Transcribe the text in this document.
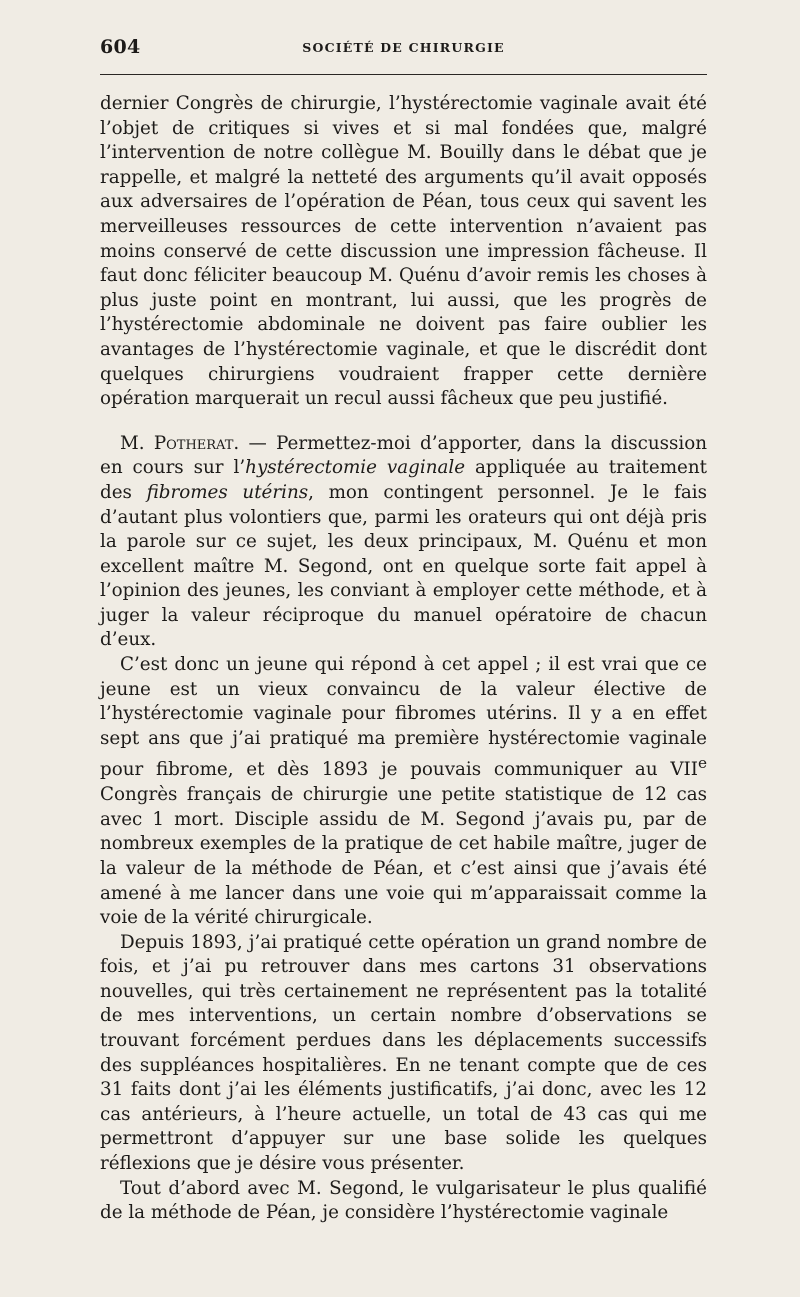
604	SOCIÉTÉ DE CHIRURGIE

dernier Congrès de chirurgie, l’hystérectomie vaginale avait été l’objet de critiques si vives et si mal fondées que, malgré l’intervention de notre collègue M. Bouilly dans le débat que je rappelle, et malgré la netteté des arguments qu’il avait opposés aux adversaires de l’opération de Péan, tous ceux qui savent les merveilleuses ressources de cette intervention n’avaient pas moins conservé de cette discussion une impression fâcheuse. Il faut donc féliciter beaucoup M. Quénu d’avoir remis les choses à plus juste point en montrant, lui aussi, que les progrès de l’hystérectomie abdominale ne doivent pas faire oublier les avantages de l’hystérectomie vaginale, et que le discrédit dont quelques chirurgiens voudraient frapper cette dernière opération marquerait un recul aussi fâcheux que peu justifié.

M. Potherat. — Permettez-moi d’apporter, dans la discussion en cours sur l’hystérectomie vaginale appliquée au traitement des fibromes utérins, mon contingent personnel. Je le fais d’autant plus volontiers que, parmi les orateurs qui ont déjà pris la parole sur ce sujet, les deux principaux, M. Quénu et mon excellent maître M. Segond, ont en quelque sorte fait appel à l’opinion des jeunes, les conviant à employer cette méthode, et à juger la valeur réciproque du manuel opératoire de chacun d’eux.

C’est donc un jeune qui répond à cet appel ; il est vrai que ce jeune est un vieux convaincu de la valeur élective de l’hystérectomie vaginale pour fibromes utérins. Il y a en effet sept ans que j’ai pratiqué ma première hystérectomie vaginale pour fibrome, et dès 1893 je pouvais communiquer au VIIe Congrès français de chirurgie une petite statistique de 12 cas avec 1 mort. Disciple assidu de M. Segond j’avais pu, par de nombreux exemples de la pratique de cet habile maître, juger de la valeur de la méthode de Péan, et c’est ainsi que j’avais été amené à me lancer dans une voie qui m’apparaissait comme la voie de la vérité chirurgicale.

Depuis 1893, j’ai pratiqué cette opération un grand nombre de fois, et j’ai pu retrouver dans mes cartons 31 observations nouvelles, qui très certainement ne représentent pas la totalité de mes interventions, un certain nombre d’observations se trouvant forcément perdues dans les déplacements successifs des suppléances hospitalières. En ne tenant compte que de ces 31 faits dont j’ai les éléments justificatifs, j’ai donc, avec les 12 cas antérieurs, à l’heure actuelle, un total de 43 cas qui me permettront d’appuyer sur une base solide les quelques réflexions que je désire vous présenter.

Tout d’abord avec M. Segond, le vulgarisateur le plus qualifié de la méthode de Péan, je considère l’hystérectomie vaginale
